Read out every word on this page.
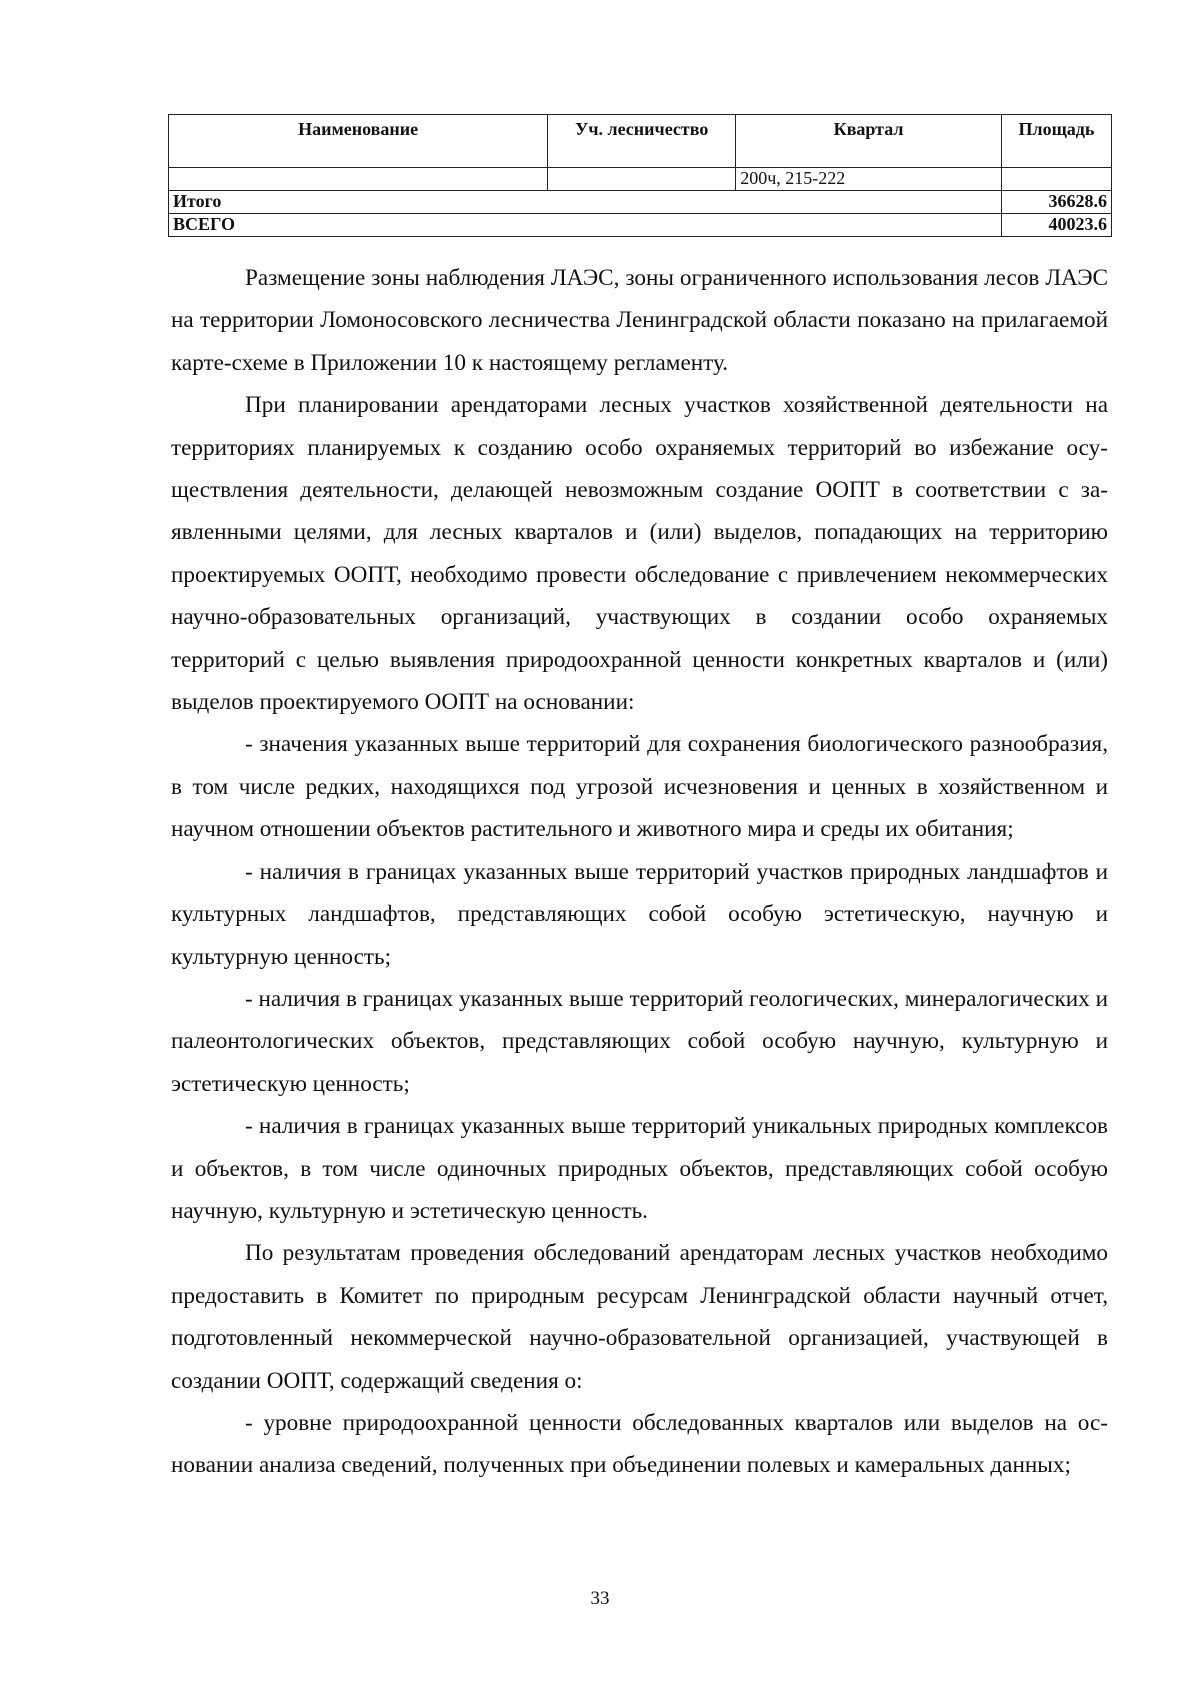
Наименование	Уч. лесничество	Квартал	Площадь
		200ч, 215-222	
Итого			36628.6
ВСЕГО			40023.6

Размещение зоны наблюдения ЛАЭС, зоны ограниченного использования лесов ЛАЭС на территории Ломоносовского лесничества Ленинградской области показано на прилагаемой карте-схеме в Приложении 10 к настоящему регламенту.

При планировании арендаторами лесных участков хозяйственной деятельности на территориях планируемых к созданию особо охраняемых территорий во избежание осуществления деятельности, делающей невозможным создание ООПТ в соответствии с заявленными целями, для лесных кварталов и (или) выделов, попадающих на территорию проектируемых ООПТ, необходимо провести обследование с привлечением некоммерческих научно-образовательных организаций, участвующих в создании особо охраняемых территорий с целью выявления природоохранной ценности конкретных кварталов и (или) выделов проектируемого ООПТ на основании:

- значения указанных выше территорий для сохранения биологического разнообразия, в том числе редких, находящихся под угрозой исчезновения и ценных в хозяйственном и научном отношении объектов растительного и животного мира и среды их обитания;

- наличия в границах указанных выше территорий участков природных ландшафтов и культурных ландшафтов, представляющих собой особую эстетическую, научную и культурную ценность;

- наличия в границах указанных выше территорий геологических, минералогических и палеонтологических объектов, представляющих собой особую научную, культурную и эстетическую ценность;

- наличия в границах указанных выше территорий уникальных природных комплексов и объектов, в том числе одиночных природных объектов, представляющих собой особую научную, культурную и эстетическую ценность.

По результатам проведения обследований арендаторам лесных участков необходимо предоставить в Комитет по природным ресурсам Ленинградской области научный отчет, подготовленный некоммерческой научно-образовательной организацией, участвующей в создании ООПТ, содержащий сведения о:

- уровне природоохранной ценности обследованных кварталов или выделов на основании анализа сведений, полученных при объединении полевых и камеральных данных;

33
